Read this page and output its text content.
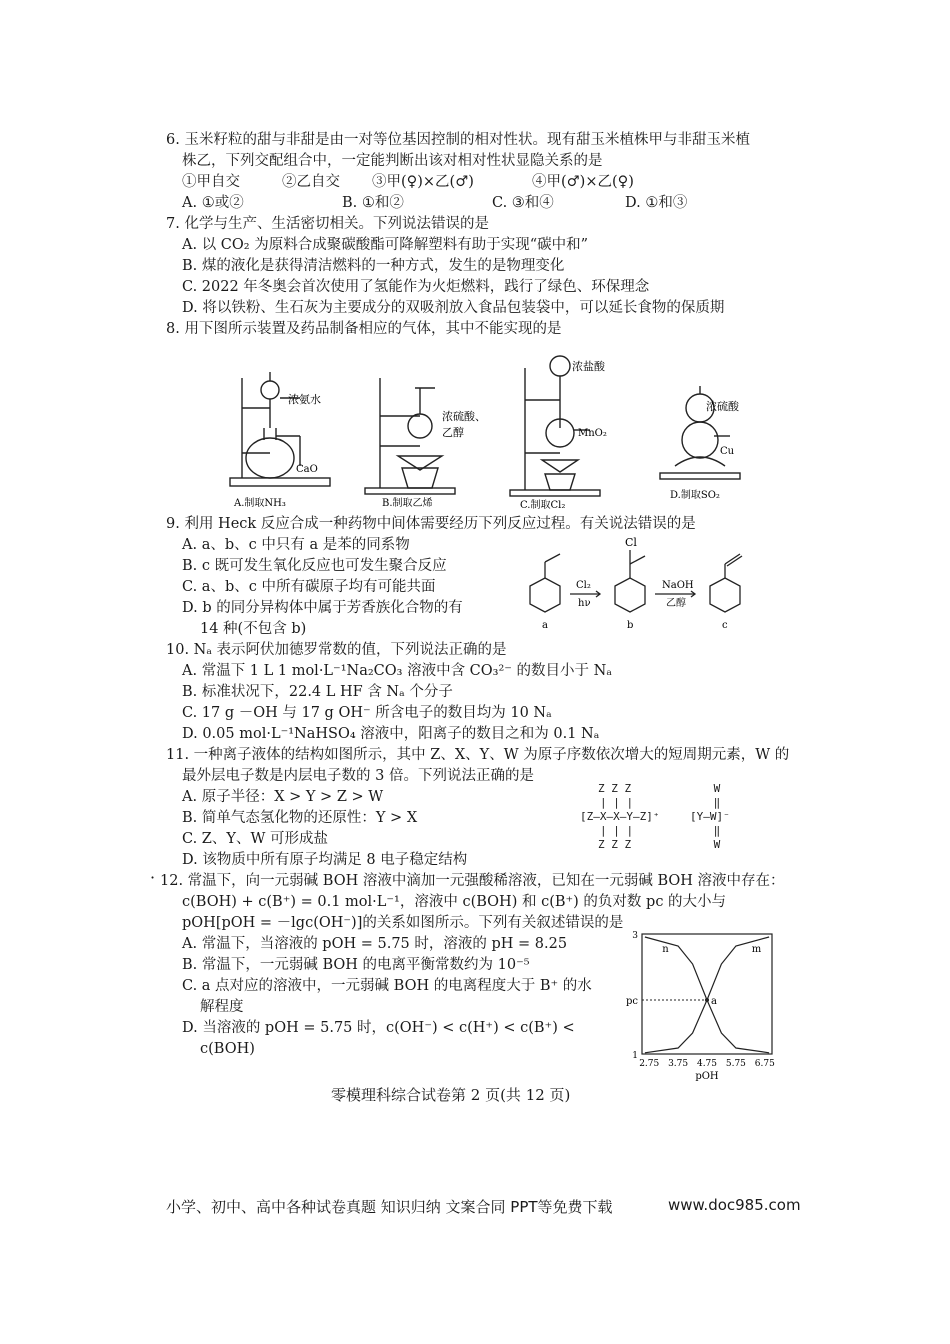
6. 玉米籽粒的甜与非甜是由一对等位基因控制的相对性状。现有甜玉米植株甲与非甜玉米植
株乙，下列交配组合中，一定能判断出该对相对性状显隐关系的是
①甲自交	②乙自交 ③甲(♀)×乙(♂)	④甲(♂)×乙(♀)
A. ①或②	B. ①和②	C. ③和④	D. ①和③
7. 化学与生产、生活密切相关。下列说法错误的是
A. 以 CO₂ 为原料合成聚碳酸酯可降解塑料有助于实现“碳中和”
B. 煤的液化是获得清洁燃料的一种方式，发生的是物理变化
C. 2022 年冬奥会首次使用了氢能作为火炬燃料，践行了绿色、环保理念
D. 将以铁粉、生石灰为主要成分的双吸剂放入食品包装袋中，可以延长食物的保质期
8. 用下图所示装置及药品制备相应的气体，其中不能实现的是
浓氨水
CaO
A.制取NH₃
浓硫酸、
乙醇
B.制取乙烯
浓盐酸
MnO₂
C.制取Cl₂
浓硫酸
Cu
D.制取SO₂
9. 利用 Heck 反应合成一种药物中间体需要经历下列反应过程。有关说法错误的是
A. a、b、c 中只有 a 是苯的同系物
B. c 既可发生氧化反应也可发生聚合反应
C. a、b、c 中所有碳原子均有可能共面
D. b 的同分异构体中属于芳香族化合物的有
14 种(不包含 b)
Cl₂
hν
NaOH
乙醇
Cl
a	b	c
10. Nₐ 表示阿伏加德罗常数的值，下列说法正确的是
A. 常温下 1 L 1 mol·L⁻¹Na₂CO₃ 溶液中含 CO₃²⁻ 的数目小于 Nₐ
B. 标准状况下，22.4 L HF 含 Nₐ 个分子
C. 17 g －OH 与 17 g OH⁻ 所含电子的数目均为 10 Nₐ
D. 0.05 mol·L⁻¹NaHSO₄ 溶液中，阳离子的数目之和为 0.1 Nₐ
11. 一种离子液体的结构如图所示，其中 Z、X、Y、W 为原子序数依次增大的短周期元素，W 的
最外层电子数是内层电子数的 3 倍。下列说法正确的是
A. 原子半径：X > Y > Z > W
B. 简单气态氢化物的还原性：Y > X
C. Z、Y、W 可形成盐
D. 该物质中所有原子均满足 8 电子稳定结构
Z Z Z
| | |
[Z—X—X—Y—Z]⁺
| | |
Z Z Z
W
‖
[Y—W]⁻
‖
W
· 12. 常温下，向一元弱碱 BOH 溶液中滴加一元强酸稀溶液，已知在一元弱碱 BOH 溶液中存在：
c(BOH) + c(B⁺) = 0.1 mol·L⁻¹，溶液中 c(BOH) 和 c(B⁺) 的负对数 pc 的大小与
pOH[pOH = －lgc(OH⁻)]的关系如图所示。下列有关叙述错误的是
A. 常温下，当溶液的 pOH = 5.75 时，溶液的 pH = 8.25
B. 常温下，一元弱碱 BOH 的电离平衡常数约为 10⁻⁵
C. a 点对应的溶液中，一元弱碱 BOH 的电离程度大于 B⁺ 的水
解程度
D. 当溶液的 pOH = 5.75 时，c(OH⁻) < c(H⁺) < c(B⁺) <
c(BOH)
n	m
2.75 3.75 4.75 5.75 6.75
1
3
pOH
pc	a
零模理科综合试卷第 2 页(共 12 页)
小学、初中、高中各种试卷真题 知识归纳 文案合同 PPT等免费下载	www.doc985.com
